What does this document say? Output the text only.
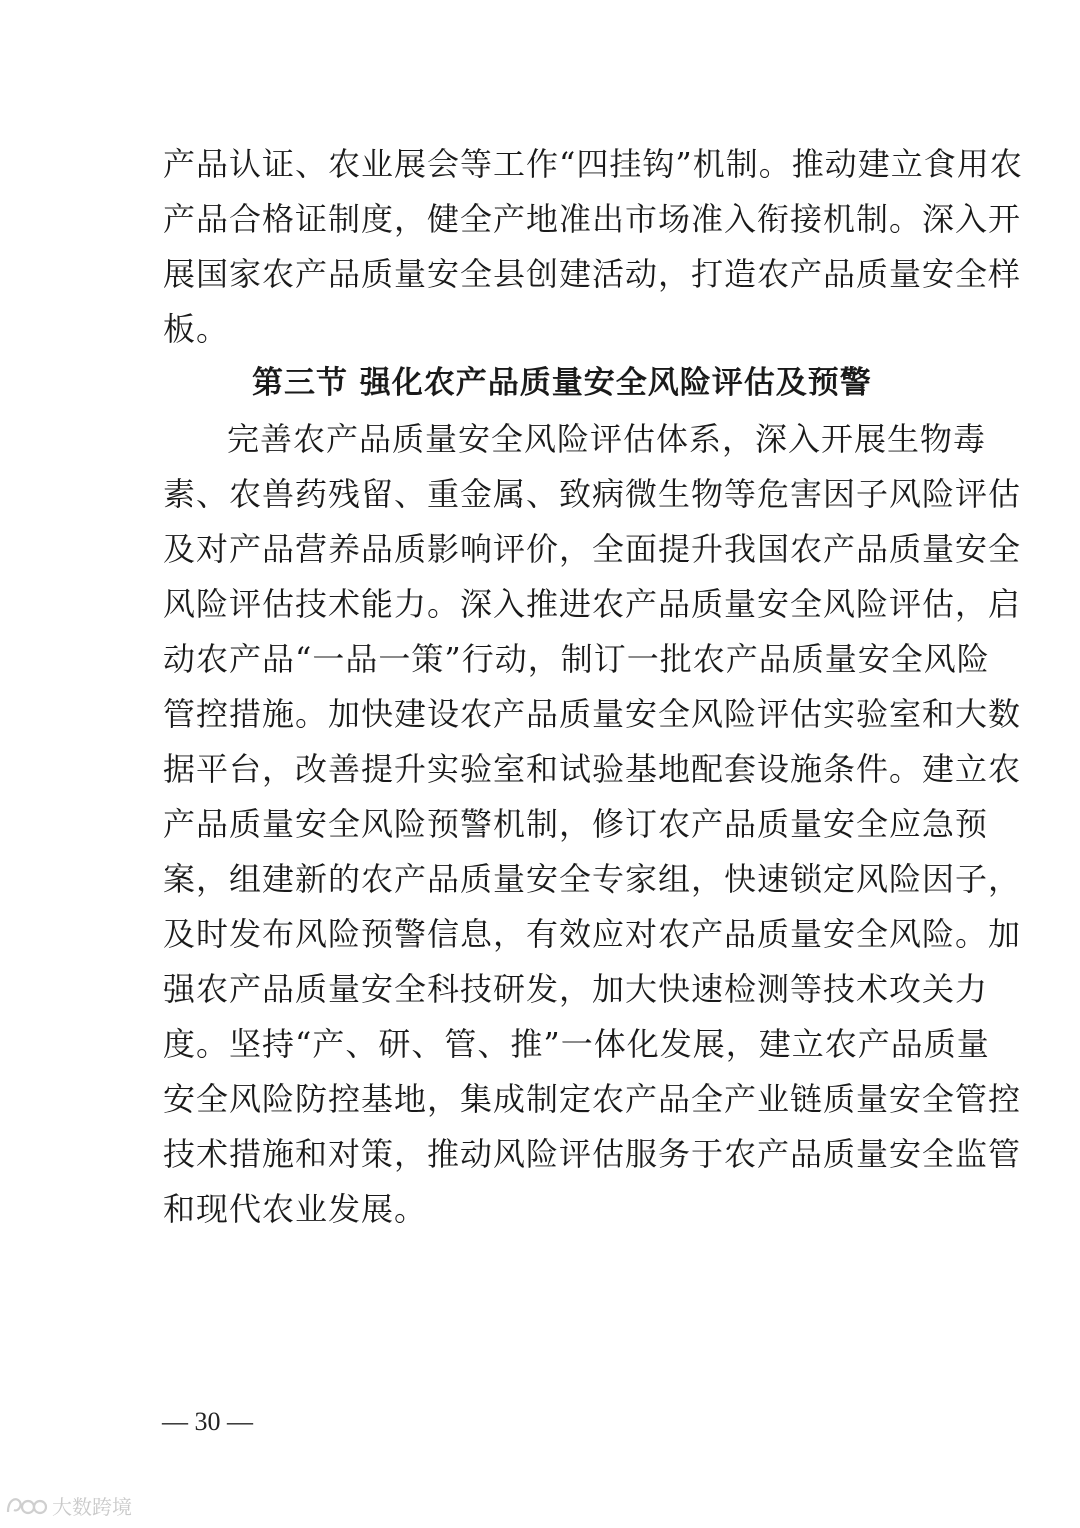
产品认证、农业展会等工作“四挂钩”机制。推动建立食用农
产品合格证制度，健全产地准出市场准入衔接机制。深入开
展国家农产品质量安全县创建活动，打造农产品质量安全样
板。
第三节 强化农产品质量安全风险评估及预警
完善农产品质量安全风险评估体系，深入开展生物毒
素、农兽药残留、重金属、致病微生物等危害因子风险评估
及对产品营养品质影响评价，全面提升我国农产品质量安全
风险评估技术能力。深入推进农产品质量安全风险评估，启
动农产品“一品一策”行动，制订一批农产品质量安全风险
管控措施。加快建设农产品质量安全风险评估实验室和大数
据平台，改善提升实验室和试验基地配套设施条件。建立农
产品质量安全风险预警机制，修订农产品质量安全应急预
案，组建新的农产品质量安全专家组，快速锁定风险因子，
及时发布风险预警信息，有效应对农产品质量安全风险。加
强农产品质量安全科技研发，加大快速检测等技术攻关力
度。坚持“产、研、管、推”一体化发展，建立农产品质量
安全风险防控基地，集成制定农产品全产业链质量安全管控
技术措施和对策，推动风险评估服务于农产品质量安全监管
和现代农业发展。
— 30 —
大数跨境
